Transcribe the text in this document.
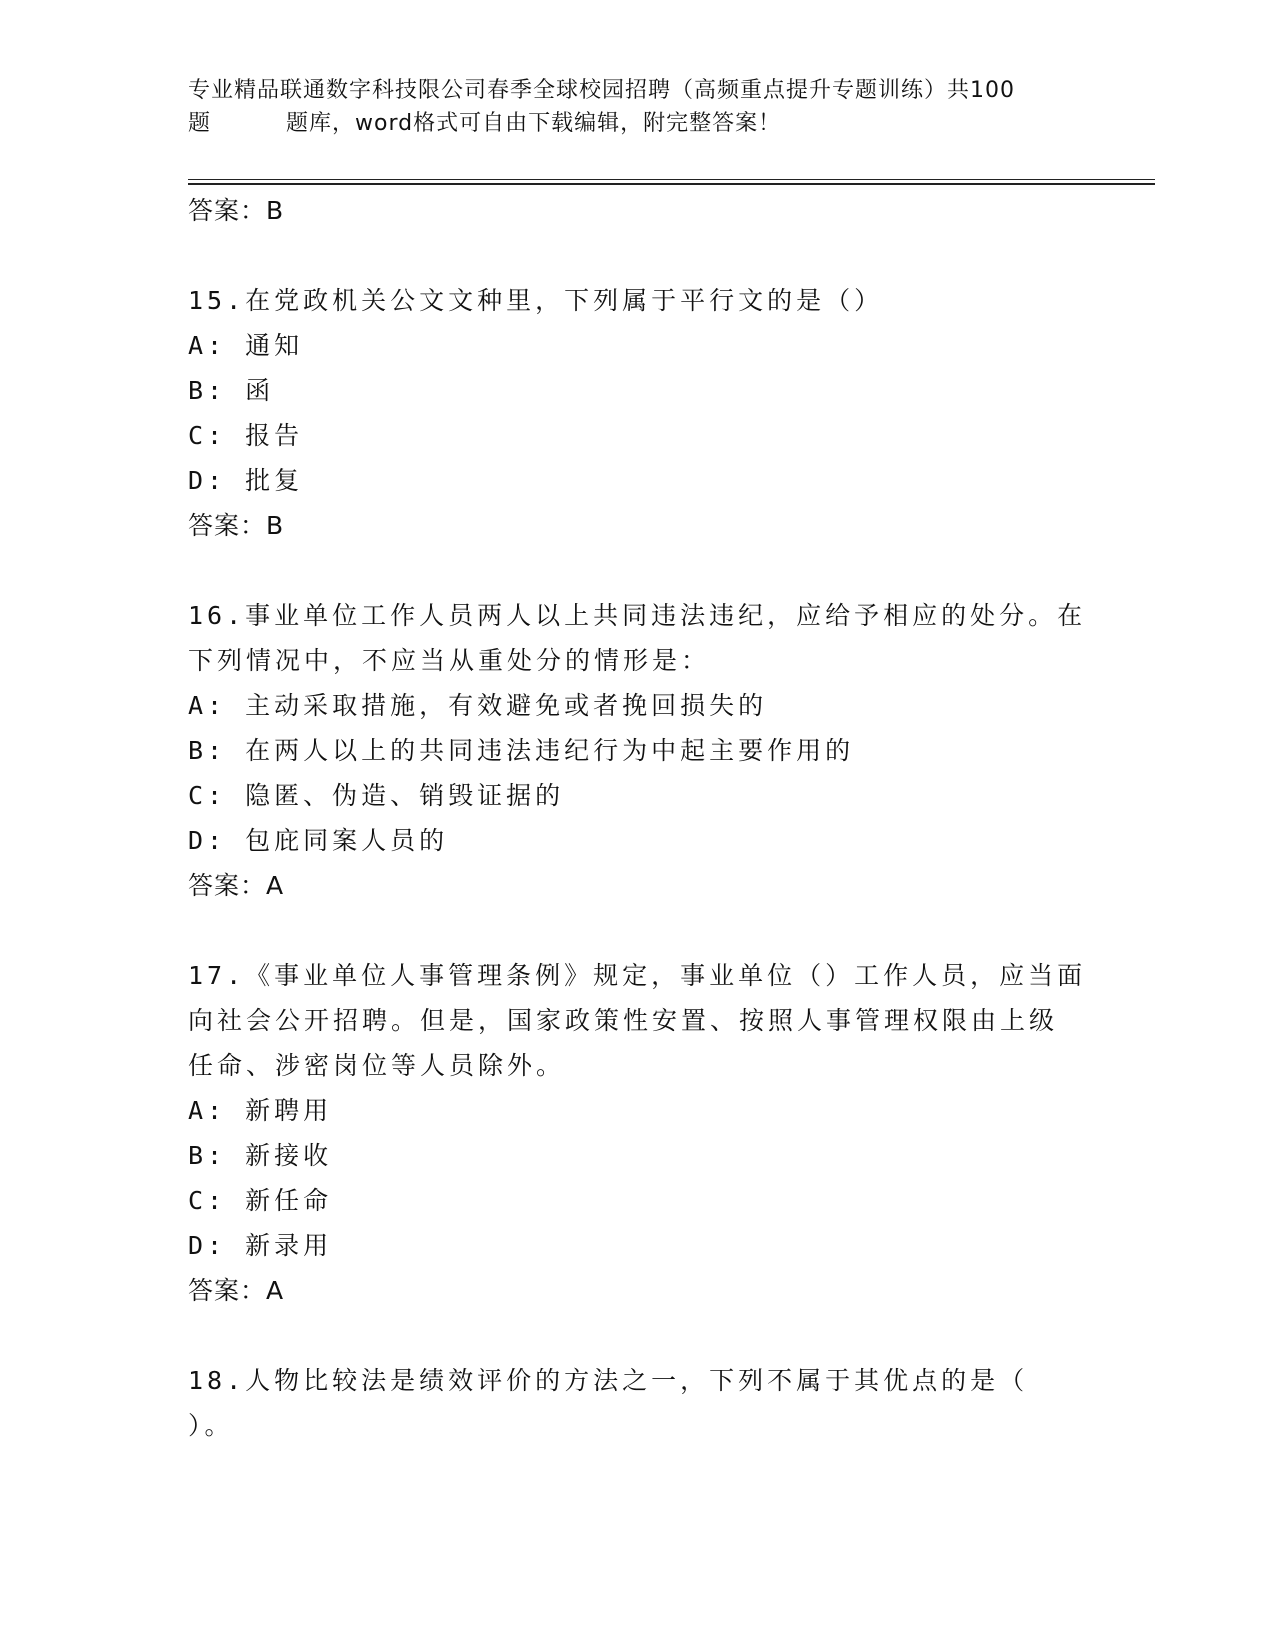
专业精品联通数字科技限公司春季全球校园招聘（高频重点提升专题训练）共100
题	题库，word格式可自由下载编辑，附完整答案！
答案：B
15.在党政机关公文文种里，下列属于平行文的是（）
A: 通知
B: 函
C: 报告
D: 批复
答案：B
16.事业单位工作人员两人以上共同违法违纪，应给予相应的处分。在
下列情况中，不应当从重处分的情形是：
A: 主动采取措施，有效避免或者挽回损失的
B: 在两人以上的共同违法违纪行为中起主要作用的
C: 隐匿、伪造、销毁证据的
D: 包庇同案人员的
答案：A
17.《事业单位人事管理条例》规定，事业单位（）工作人员，应当面
向社会公开招聘。但是，国家政策性安置、按照人事管理权限由上级
任命、涉密岗位等人员除外。
A: 新聘用
B: 新接收
C: 新任命
D: 新录用
答案：A
18.人物比较法是绩效评价的方法之一，下列不属于其优点的是（
）。
